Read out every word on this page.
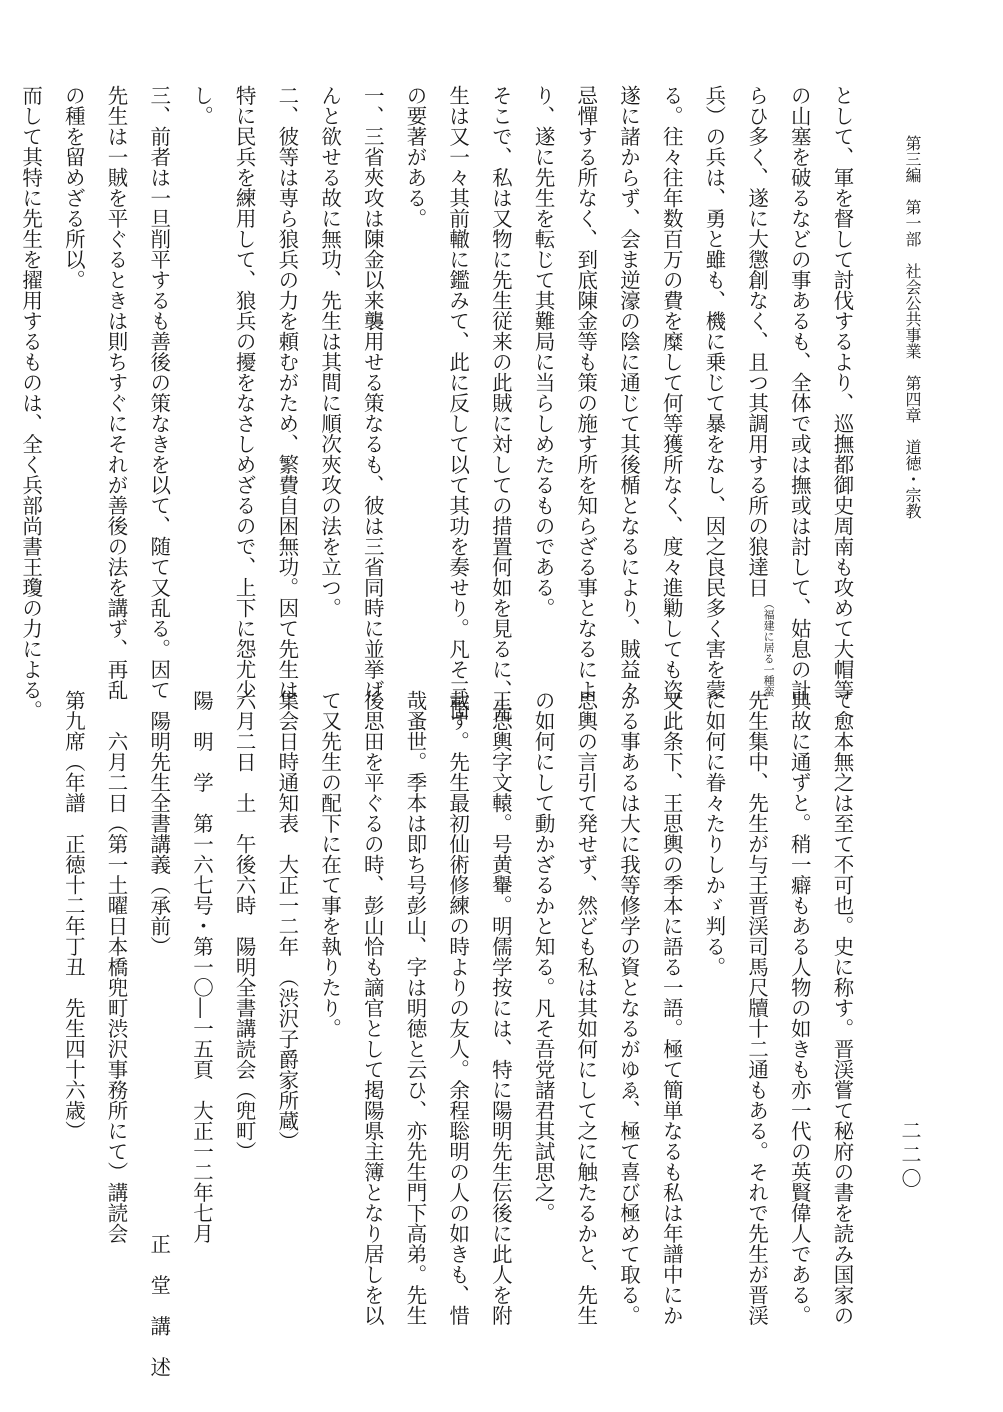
第三編　第一部　社会公共事業　第四章　道徳・宗教
二二〇
として、軍を督して討伐するより、巡撫都御史周南も攻めて大帽等
の山塞を破るなどの事あるも、全体で或は撫或は討して、姑息の計
らひ多く、遂に大懲創なく、且つ其調用する所の狼達日（福建に居る一種蛮
兵）の兵は、勇と雖も、機に乗じて暴をなし、因之良民多く害を蒙
る。往々往年数百万の費を糜して何等獲所なく、度々進勦しても盗
遂に諸からず、会ま逆濠の陰に通じて其後楯となるにより、賊益々
忌憚する所なく、到底陳金等も策の施す所を知らざる事となるによ
り、遂に先生を転じて其難局に当らしめたるものである。
そこで、私は又物に先生従来の此賊に対しての措置何如を見るに、先
生は又一々其前轍に鑑みて、此に反して以て其功を奏せり。凡そ三箇
の要著がある。
一、三省夾攻は陳金以来襲用せる策なるも、彼は三省同時に並挙げ
んと欲せる故に無功、先生は其間に順次夾攻の法を立つ。
二、彼等は専ら狼兵の力を頼むがため、繁費自困無功。因て先生は
特に民兵を練用して、狼兵の擾をなさしめざるので、上下に怨尤少
し。
三、前者は一旦削平するも善後の策なきを以て、随て又乱る。因て
先生は一賊を平ぐるときは則ちすぐにそれが善後の法を講ず、再乱
の種を留めざる所以。
而して其特に先生を擢用するものは、全く兵部尚書王瓊の力による。
て愈本無之は至て不可也。史に称す。晋渓嘗て秘府の書を読み国家の
典故に通ずと。稍一癖もある人物の如きも亦一代の英賢偉人である。
先生集中、先生が与王晋渓司馬尺牘十二通もある。それで先生が晋渓
に如何に眷々たりしかゞ判る。
又此条下、王思輿の季本に語る一語。極て簡単なるも私は年譜中にか
かる事あるは大に我等修学の資となるがゆゑ、極て喜び極めて取る。
思輿の言引て発せず、然ども私は其如何にして之に触たるかと、先生
の如何にして動かざるかと知る。凡そ吾党諸君其試思之。
王思輿字文轅。号黄轝。明儒学按には、特に陽明先生伝後に此人を附
載す。先生最初仙術修練の時よりの友人。余程聡明の人の如きも、惜
哉蚤世。季本は即ち号彭山、字は明徳と云ひ、亦先生門下高弟。先生
後思田を平ぐるの時、彭山恰も謫官として掲陽県主簿となり居しを以
て又先生の配下に在て事を執りたり。
集会日時通知表　大正一二年　（渋沢子爵家所蔵）
六月二日　土　午後六時　陽明全書講読会（兜町）
陽　明　学　第一六七号・第一〇―一五頁　大正一二年七月
　陽明先生全書講義（承前）　　　　　　　　　　　　　　正　堂　講　述
　　六月二日（第一土曜日本橋兜町渋沢事務所にて）講読会
第九席（年譜　正徳十二年丁丑　先生四十六歳）
